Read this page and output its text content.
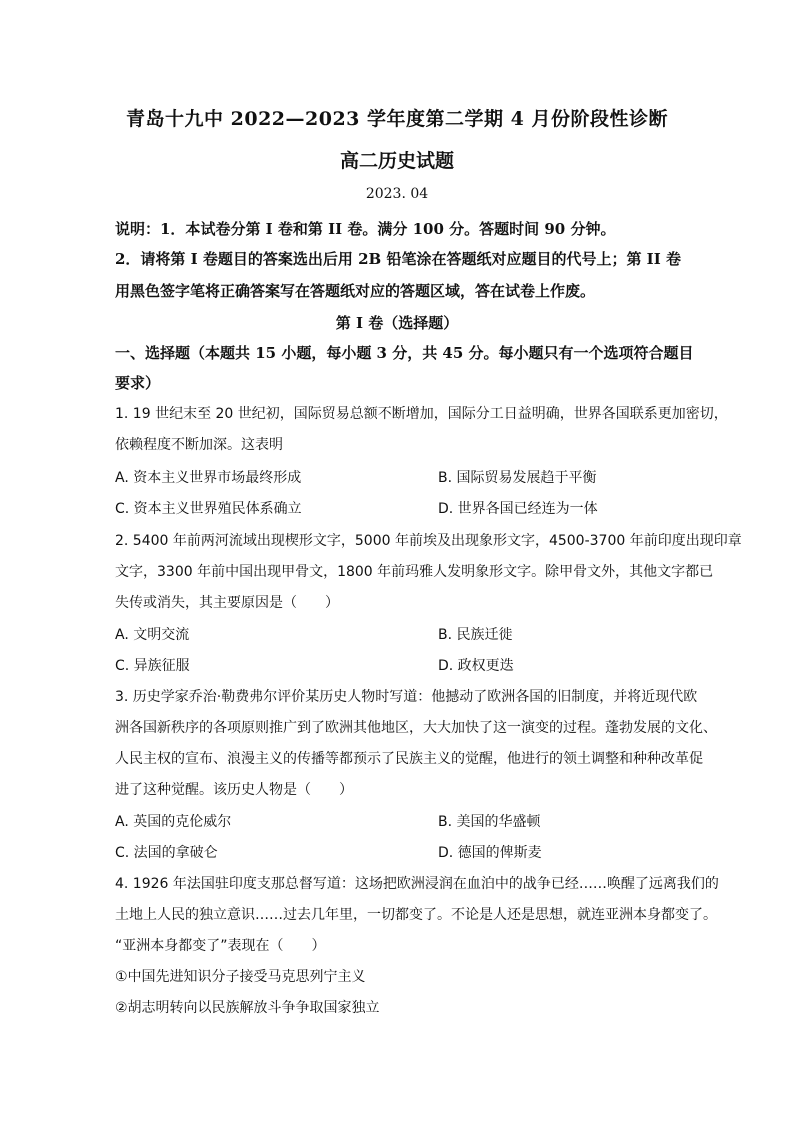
青岛十九中 2022—2023 学年度第二学期 4 月份阶段性诊断
高二历史试题
2023. 04
说明：1．本试卷分第 I 卷和第 II 卷。满分 100 分。答题时间 90 分钟。
2．请将第 I 卷题目的答案选出后用 2B 铅笔涂在答题纸对应题目的代号上；第 II 卷
用黑色签字笔将正确答案写在答题纸对应的答题区域，答在试卷上作废。
第 I 卷（选择题）
一、选择题（本题共 15 小题，每小题 3 分，共 45 分。每小题只有一个选项符合题目
要求）
1. 19 世纪末至 20 世纪初，国际贸易总额不断增加，国际分工日益明确，世界各国联系更加密切，
依赖程度不断加深。这表明
A. 资本主义世界市场最终形成	B. 国际贸易发展趋于平衡
C. 资本主义世界殖民体系确立	D. 世界各国已经连为一体
2. 5400 年前两河流域出现楔形文字，5000 年前埃及出现象形文字，4500-3700 年前印度出现印章
文字，3300 年前中国出现甲骨文，1800 年前玛雅人发明象形文字。除甲骨文外，其他文字都已
失传或消失，其主要原因是（　　）
A. 文明交流	B. 民族迁徙
C. 异族征服	D. 政权更迭
3. 历史学家乔治·勒费弗尔评价某历史人物时写道：他撼动了欧洲各国的旧制度，并将近现代欧
洲各国新秩序的各项原则推广到了欧洲其他地区，大大加快了这一演变的过程。蓬勃发展的文化、
人民主权的宣布、浪漫主义的传播等都预示了民族主义的觉醒，他进行的领土调整和种种改革促
进了这种觉醒。该历史人物是（　　）
A. 英国的克伦威尔	B. 美国的华盛顿
C. 法国的拿破仑	D. 德国的俾斯麦
4. 1926 年法国驻印度支那总督写道：这场把欧洲浸润在血泊中的战争已经……唤醒了远离我们的
土地上人民的独立意识……过去几年里，一切都变了。不论是人还是思想，就连亚洲本身都变了。
“亚洲本身都变了”表现在（　　）
①中国先进知识分子接受马克思列宁主义
②胡志明转向以民族解放斗争争取国家独立
